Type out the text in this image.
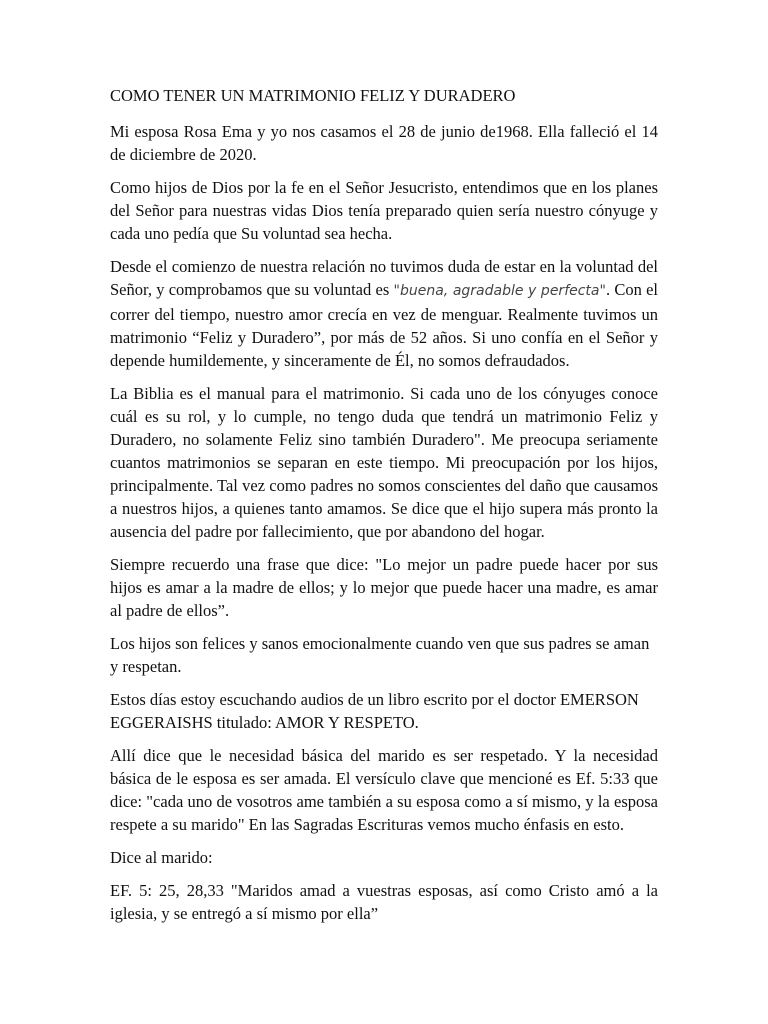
COMO TENER UN MATRIMONIO FELIZ Y DURADERO

Mi esposa Rosa Ema y yo nos casamos el 28 de junio de1968. Ella falleció el 14 de diciembre de 2020.

Como hijos de Dios por la fe en el Señor Jesucristo, entendimos que en los planes del Señor para nuestras vidas Dios tenía preparado quien sería nuestro cónyuge y cada uno pedía que Su voluntad sea hecha.

Desde el comienzo de nuestra relación no tuvimos duda de estar en la voluntad del Señor, y comprobamos que su voluntad es "buena, agradable y perfecta". Con el correr del tiempo, nuestro amor crecía en vez de menguar. Realmente tuvimos un matrimonio “Feliz y Duradero”, por más de 52 años. Si uno confía en el Señor y depende humildemente, y sinceramente de Él, no somos defraudados.

La Biblia es el manual para el matrimonio. Si cada uno de los cónyuges conoce cuál es su rol, y lo cumple, no tengo duda que tendrá un matrimonio Feliz y Duradero, no solamente Feliz sino también Duradero". Me preocupa seriamente cuantos matrimonios se separan en este tiempo. Mi preocupación por los hijos, principalmente. Tal vez como padres no somos conscientes del daño que causamos a nuestros hijos, a quienes tanto amamos. Se dice que el hijo supera más pronto la ausencia del padre por fallecimiento, que por abandono del hogar.

Siempre recuerdo una frase que dice: "Lo mejor un padre puede hacer por sus hijos es amar a la madre de ellos; y lo mejor que puede hacer una madre, es amar al padre de ellos”.

Los hijos son felices y sanos emocionalmente cuando ven que sus padres se aman y respetan.

Estos días estoy escuchando audios de un libro escrito por el doctor EMERSON EGGERAISHS titulado: AMOR Y RESPETO.

Allí dice que le necesidad básica del marido es ser respetado. Y la necesidad básica de le esposa es ser amada. El versículo clave que mencioné es Ef. 5:33 que dice: "cada uno de vosotros ame también a su esposa como a sí mismo, y la esposa respete a su marido" En las Sagradas Escrituras vemos mucho énfasis en esto.

Dice al marido:

EF. 5: 25, 28,33 "Maridos amad a vuestras esposas, así como Cristo amó a la iglesia, y se entregó a sí mismo por ella”
